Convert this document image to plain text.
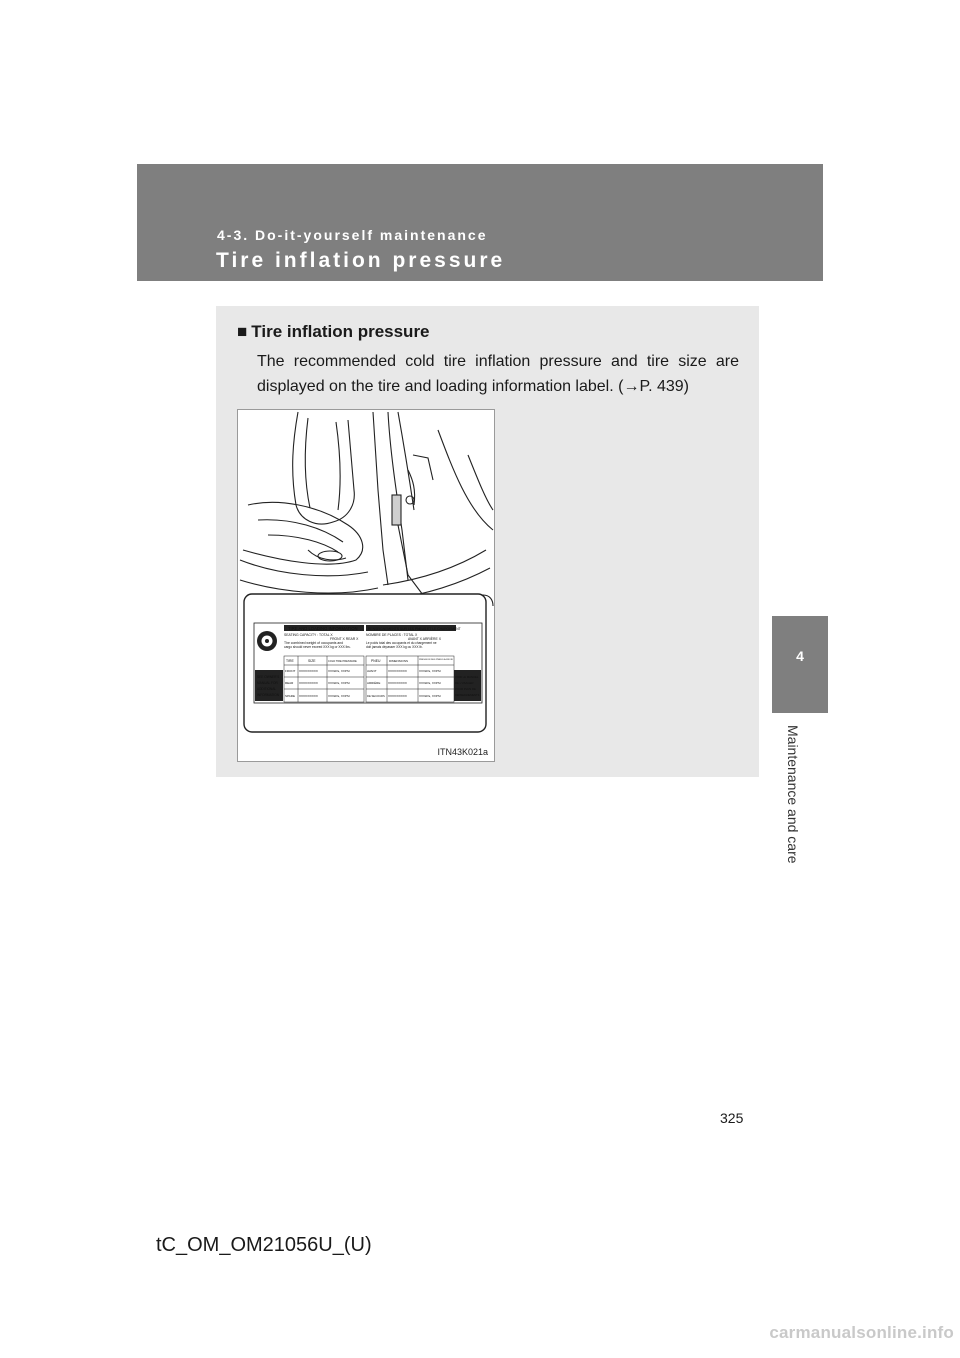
4-3. Do-it-yourself maintenance
Tire inflation pressure
4
Maintenance and care
■ Tire inflation pressure
The recommended cold tire inflation pressure and tire size are displayed on the tire and loading information label. (→P. 439)
TIRE AND LOADING INFORMATION	RENSEIGNEMENTS SUR LES PNEUS ET LE CHARGEMENT
SEATING CAPACITY : TOTAL X
FRONT X REAR X
The combined weight of occupants and
cargo should never exceed XXX kg or XXX lbs.
NOMBRE DE PLACES : TOTAL X
AVANT X ARRIÈRE X
Le poids total des occupants et du chargement ne
doit jamais dépasser XXX kg ou XXX lb.
SEE OWNER'S
MANUAL FOR
ADDITIONAL
INFORMATION
VOIR LE MANUEL
DE L'USAGER
POUR PLUS DE
RENSEIGNEMENTS
TIRE	SIZE	COLD TIRE PRESSURE
FRONT XXXX/XXXXX	XXXkPa, XXPSI
REAR XXXX/XXXXX	XXXkPa, XXPSI
SPARE XXXX/XXXXX	XXXkPa, XXPSI
PNEU	DIMENSIONS	PRESSION DES PNEUS À FROID
AVANT	XXXX/XXXXX	XXXkPa, XXPSI
ARRIÈRE	XXXX/XXXXX	XXXkPa, XXPSI
DE SECOURS XXXX/XXXXX	XXXkPa, XXPSI
ITN43K021a
325
tC_OM_OM21056U_(U)
carmanualsonline.info
